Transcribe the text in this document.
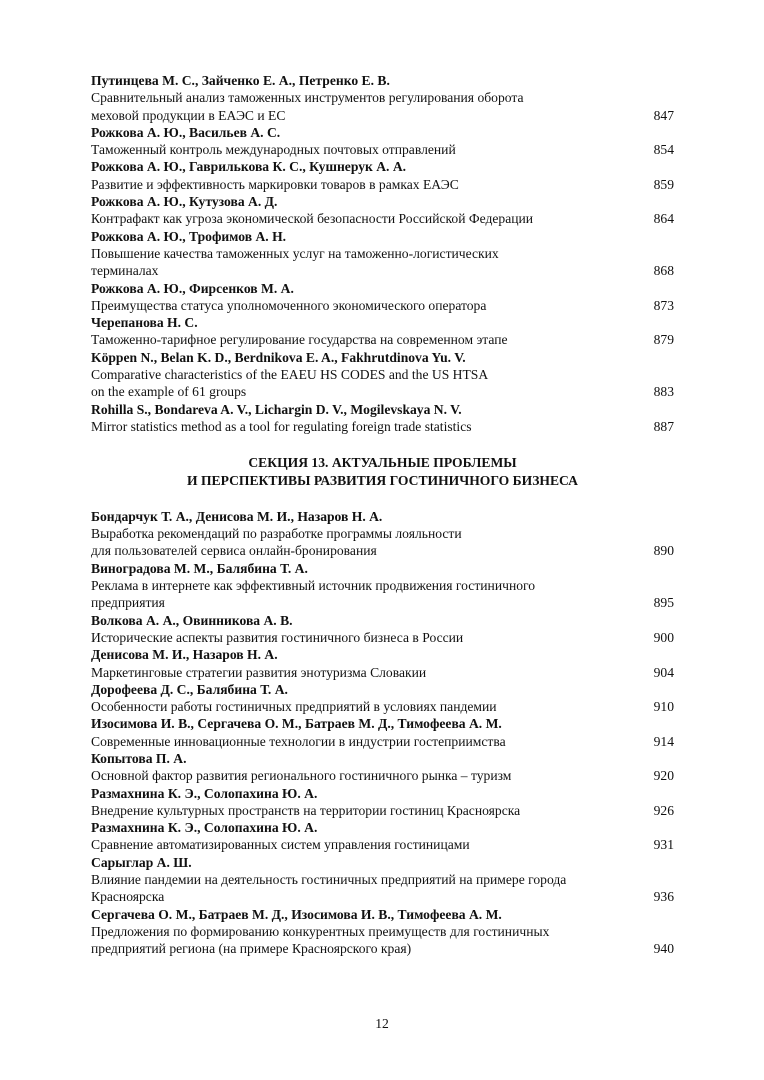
Путинцева М. С., Зайченко Е. А., Петренко Е. В.
Сравнительный анализ таможенных инструментов регулирования оборота
меховой продукции в ЕАЭС и ЕС	847
Рожкова А. Ю., Васильев А. С.
Таможенный контроль международных почтовых отправлений	854
Рожкова А. Ю., Гаврилькова К. С., Кушнерук А. А.
Развитие и эффективность маркировки товаров в рамках ЕАЭС	859
Рожкова А. Ю., Кутузова А. Д.
Контрафакт как угроза экономической безопасности Российской Федерации	864
Рожкова А. Ю., Трофимов А. Н.
Повышение качества таможенных услуг на таможенно-логистических
терминалах	868
Рожкова А. Ю., Фирсенков М. А.
Преимущества статуса уполномоченного экономического оператора	873
Черепанова Н. С.
Таможенно-тарифное регулирование государства на современном этапе	879
Köppen N., Belan K. D., Berdnikova E. A., Fakhrutdinova Yu. V.
Comparative characteristics of the EAEU HS CODES and the US HTSA
on the example of 61 groups	883
Rohilla S., Bondareva A. V., Lichargin D. V., Mogilevskaya N. V.
Mirror statistics method as a tool for regulating foreign trade statistics	887
СЕКЦИЯ 13. АКТУАЛЬНЫЕ ПРОБЛЕМЫ
И ПЕРСПЕКТИВЫ РАЗВИТИЯ ГОСТИНИЧНОГО БИЗНЕСА
Бондарчук Т. А., Денисова М. И., Назаров Н. А.
Выработка рекомендаций по разработке программы лояльности
для пользователей сервиса онлайн-бронирования	890
Виноградова М. М., Балябина Т. А.
Реклама в интернете как эффективный источник продвижения гостиничного
предприятия	895
Волкова А. А., Овинникова А. В.
Исторические аспекты развития гостиничного бизнеса в России	900
Денисова М. И., Назаров Н. А.
Маркетинговые стратегии развития энотуризма Словакии	904
Дорофеева Д. С., Балябина Т. А.
Особенности работы гостиничных предприятий в условиях пандемии	910
Изосимова И. В., Сергачева О. М., Батраев М. Д., Тимофеева А. М.
Современные инновационные технологии в индустрии гостеприимства	914
Копытова П. А.
Основной фактор развития регионального гостиничного рынка – туризм	920
Размахнина К. Э., Солопахина Ю. А.
Внедрение культурных пространств на территории гостиниц Красноярска	926
Размахнина К. Э., Солопахина Ю. А.
Сравнение автоматизированных систем управления гостиницами	931
Сарыглар А. Ш.
Влияние пандемии на деятельность гостиничных предприятий на примере города
Красноярска	936
Сергачева О. М., Батраев М. Д., Изосимова И. В., Тимофеева А. М.
Предложения по формированию конкурентных преимуществ для гостиничных
предприятий региона (на примере Красноярского края)	940
12
